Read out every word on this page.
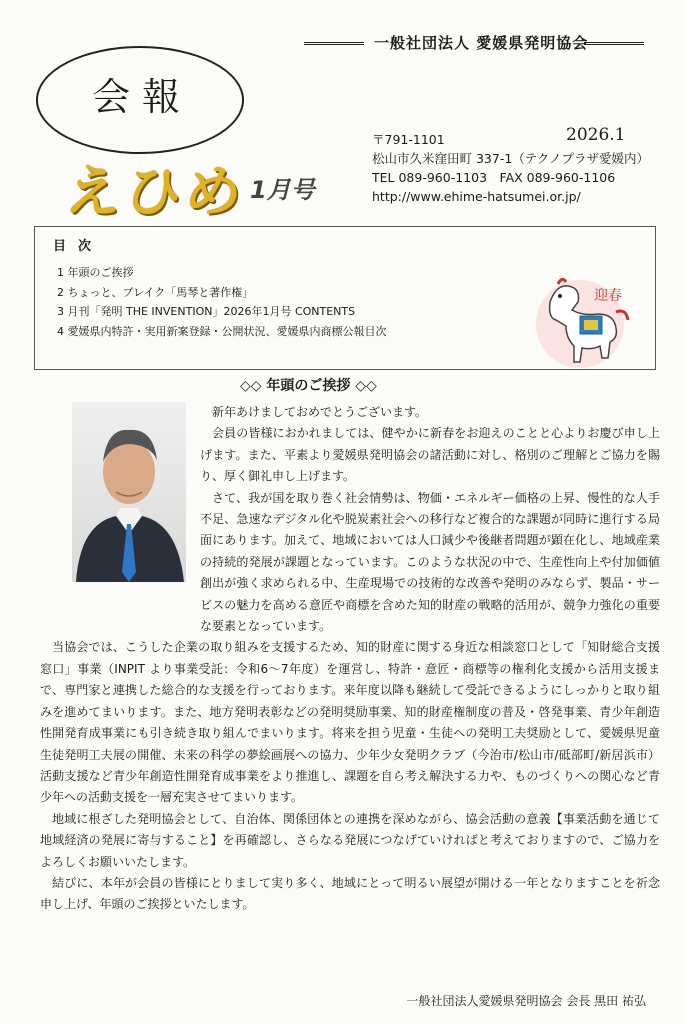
一般社団法人 愛媛県発明協会
会報
えひめ 1月号
2026.1
〒791-1101
松山市久米窪田町 337-1（テクノプラザ愛媛内）
TEL 089-960-1103　FAX 089-960-1106
http://www.ehime-hatsumei.or.jp/
目次
1 年頭のご挨拶
2 ちょっと、ブレイク「馬琴と著作権」
3 月刊「発明 THE INVENTION」2026年1月号 CONTENTS
4 愛媛県内特許・実用新案登録・公開状況、愛媛県内商標公報目次
迎春
◇◇ 年頭のご挨拶 ◇◇

新年あけましておめでとうございます。

会員の皆様におかれましては、健やかに新春をお迎えのことと心よりお慶び申し上げます。また、平素より愛媛県発明協会の諸活動に対し、格別のご理解とご協力を賜り、厚く御礼申し上げます。

さて、我が国を取り巻く社会情勢は、物価・エネルギー価格の上昇、慢性的な人手不足、急速なデジタル化や脱炭素社会への移行など複合的な課題が同時に進行する局面にあります。加えて、地域においては人口減少や後継者問題が顕在化し、地域産業の持続的発展が課題となっています。このような状況の中で、生産性向上や付加価値創出が強く求められる中、生産現場での技術的な改善や発明のみならず、製品・サービスの魅力を高める意匠や商標を含めた知的財産の戦略的活用が、競争力強化の重要な要素となっています。

当協会では、こうした企業の取り組みを支援するため、知的財産に関する身近な相談窓口として「知財総合支援窓口」事業（INPIT より事業受託：令和6〜7年度）を運営し、特許・意匠・商標等の権利化支援から活用支援まで、専門家と連携した総合的な支援を行っております。来年度以降も継続して受託できるようにしっかりと取り組みを進めてまいります。また、地方発明表彰などの発明奨励事業、知的財産権制度の普及・啓発事業、青少年創造性開発育成事業にも引き続き取り組んでまいります。将来を担う児童・生徒への発明工夫奨励として、愛媛県児童生徒発明工夫展の開催、未来の科学の夢絵画展への協力、少年少女発明クラブ（今治市/松山市/砥部町/新居浜市）活動支援など青少年創造性開発育成事業をより推進し、課題を自ら考え解決する力や、ものづくりへの関心など青少年への活動支援を一層充実させてまいります。

地域に根ざした発明協会として、自治体、関係団体との連携を深めながら、協会活動の意義【事業活動を通じて地域経済の発展に寄与すること】を再確認し、さらなる発展につなげていければと考えておりますので、ご協力をよろしくお願いいたします。

結びに、本年が会員の皆様にとりまして実り多く、地域にとって明るい展望が開ける一年となりますことを祈念申し上げ、年頭のご挨拶といたします。

一般社団法人愛媛県発明協会 会長 黒田 祐弘
